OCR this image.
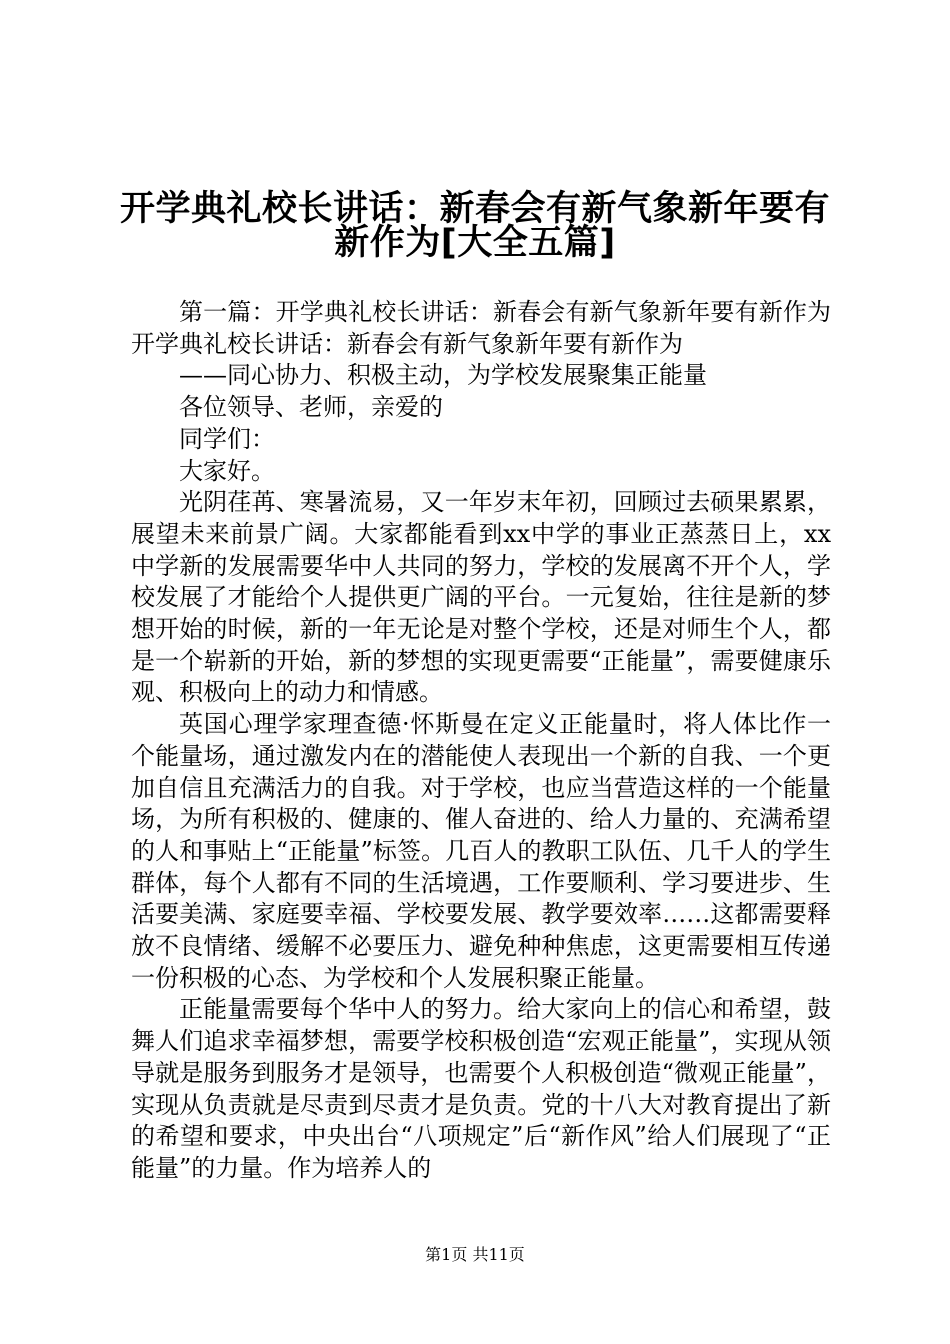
开学典礼校长讲话：新春会有新气象新年要有
新作为[大全五篇]

第一篇：开学典礼校长讲话：新春会有新气象新年要有新作为开学典礼校长讲话：新春会有新气象新年要有新作为

——同心协力、积极主动，为学校发展聚集正能量

各位领导、老师，亲爱的

同学们：

大家好。

光阴荏苒、寒暑流易，又一年岁末年初，回顾过去硕果累累，展望未来前景广阔。大家都能看到xx中学的事业正蒸蒸日上，xx中学新的发展需要华中人共同的努力，学校的发展离不开个人，学校发展了才能给个人提供更广阔的平台。一元复始，往往是新的梦想开始的时候，新的一年无论是对整个学校，还是对师生个人，都是一个崭新的开始，新的梦想的实现更需要“正能量”，需要健康乐观、积极向上的动力和情感。

英国心理学家理查德·怀斯曼在定义正能量时，将人体比作一个能量场，通过激发内在的潜能使人表现出一个新的自我、一个更加自信且充满活力的自我。对于学校，也应当营造这样的一个能量场，为所有积极的、健康的、催人奋进的、给人力量的、充满希望的人和事贴上“正能量”标签。几百人的教职工队伍、几千人的学生群体，每个人都有不同的生活境遇，工作要顺利、学习要进步、生活要美满、家庭要幸福、学校要发展、教学要效率……这都需要释放不良情绪、缓解不必要压力、避免种种焦虑，这更需要相互传递一份积极的心态、为学校和个人发展积聚正能量。

正能量需要每个华中人的努力。给大家向上的信心和希望，鼓舞人们追求幸福梦想，需要学校积极创造“宏观正能量”，实现从领导就是服务到服务才是领导，也需要个人积极创造“微观正能量”，实现从负责就是尽责到尽责才是负责。党的十八大对教育提出了新的希望和要求，中央出台“八项规定”后“新作风”给人们展现了“正能量”的力量。作为培养人的

第1页 共11页
